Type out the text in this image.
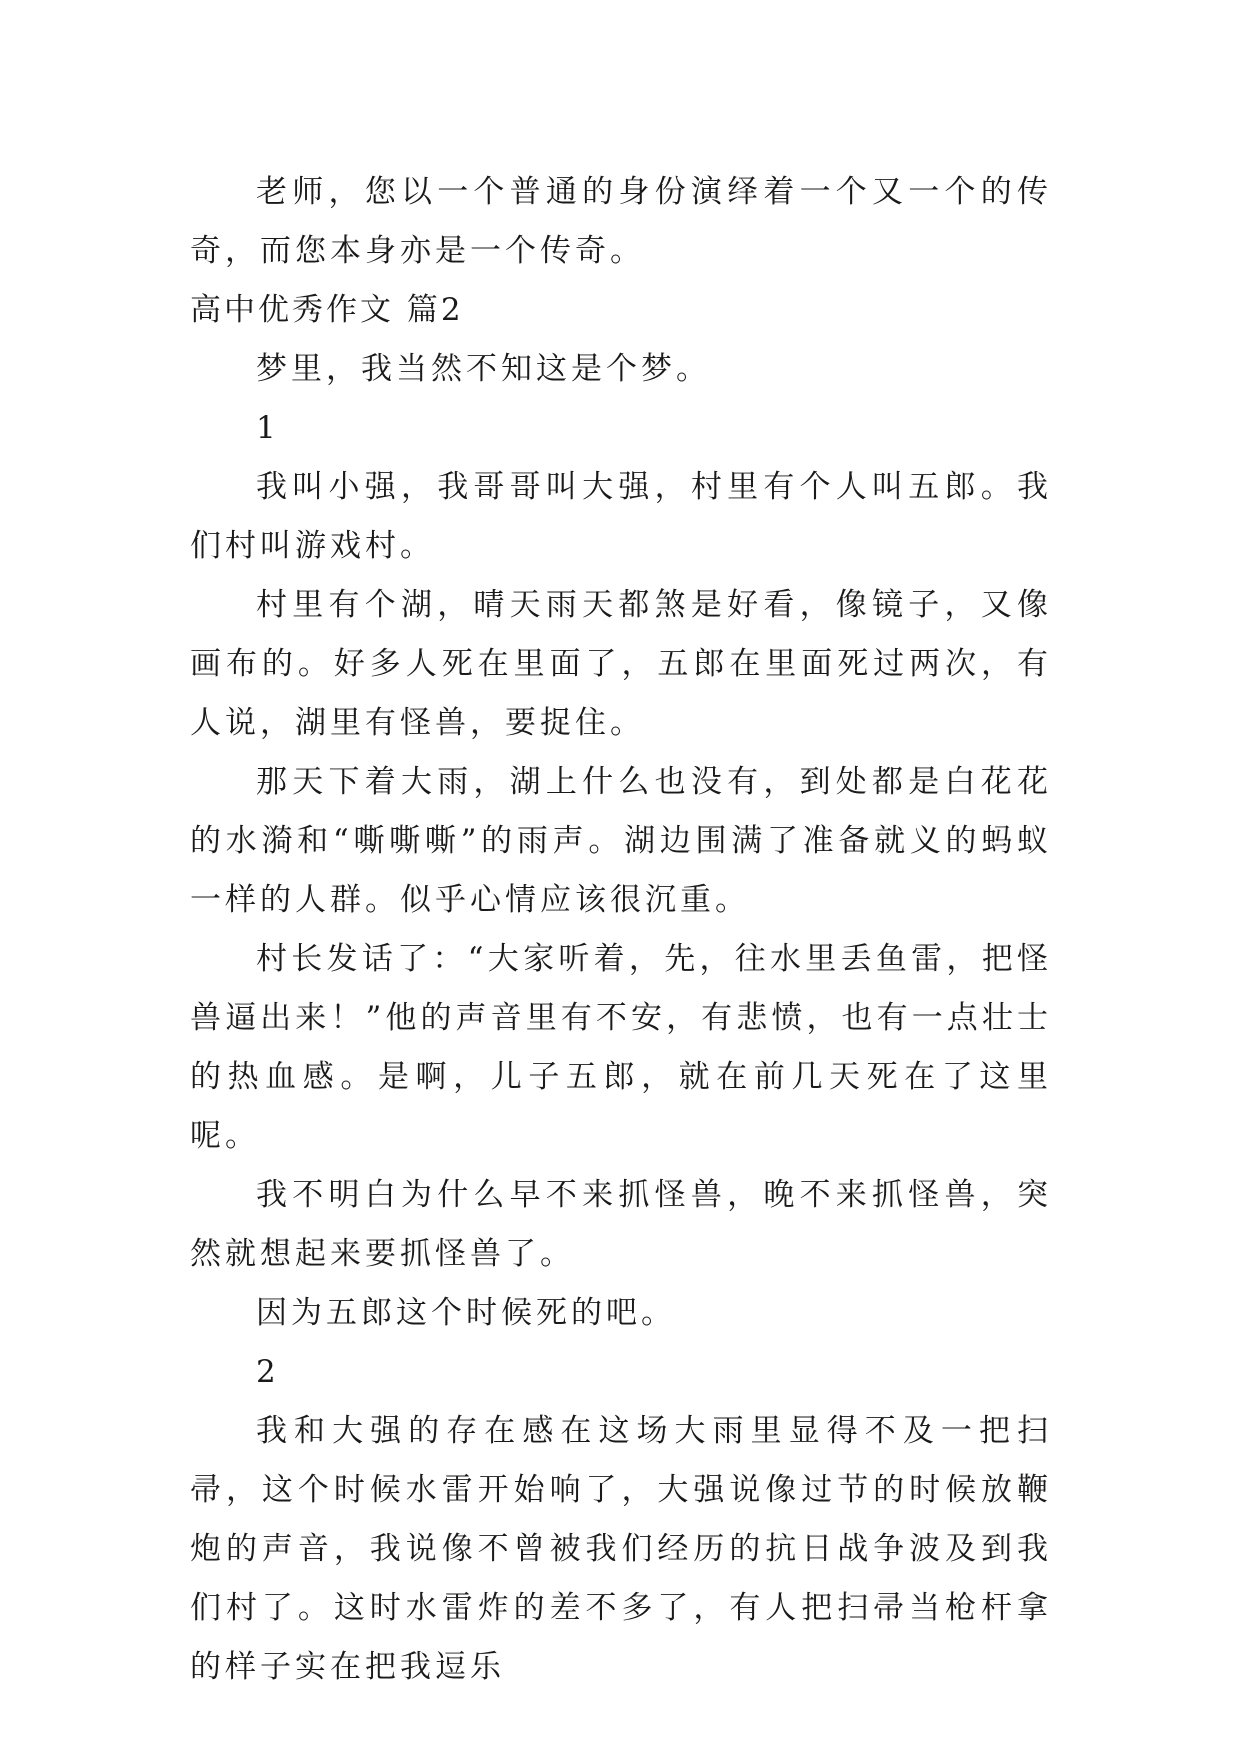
老师，您以一个普通的身份演绎着一个又一个的传奇，而您本身亦是一个传奇。

高中优秀作文 篇2

梦里，我当然不知这是个梦。

1

我叫小强，我哥哥叫大强，村里有个人叫五郎。我们村叫游戏村。

村里有个湖，晴天雨天都煞是好看，像镜子，又像画布的。好多人死在里面了，五郎在里面死过两次，有人说，湖里有怪兽，要捉住。

那天下着大雨，湖上什么也没有，到处都是白花花的水漪和“嘶嘶嘶”的雨声。湖边围满了准备就义的蚂蚁一样的人群。似乎心情应该很沉重。

村长发话了：“大家听着，先，往水里丢鱼雷，把怪兽逼出来！”他的声音里有不安，有悲愤，也有一点壮士的热血感。是啊，儿子五郎，就在前几天死在了这里呢。

我不明白为什么早不来抓怪兽，晚不来抓怪兽，突然就想起来要抓怪兽了。

因为五郎这个时候死的吧。

2

我和大强的存在感在这场大雨里显得不及一把扫帚，这个时候水雷开始响了，大强说像过节的时候放鞭炮的声音，我说像不曾被我们经历的抗日战争波及到我们村了。这时水雷炸的差不多了，有人把扫帚当枪杆拿的样子实在把我逗乐
